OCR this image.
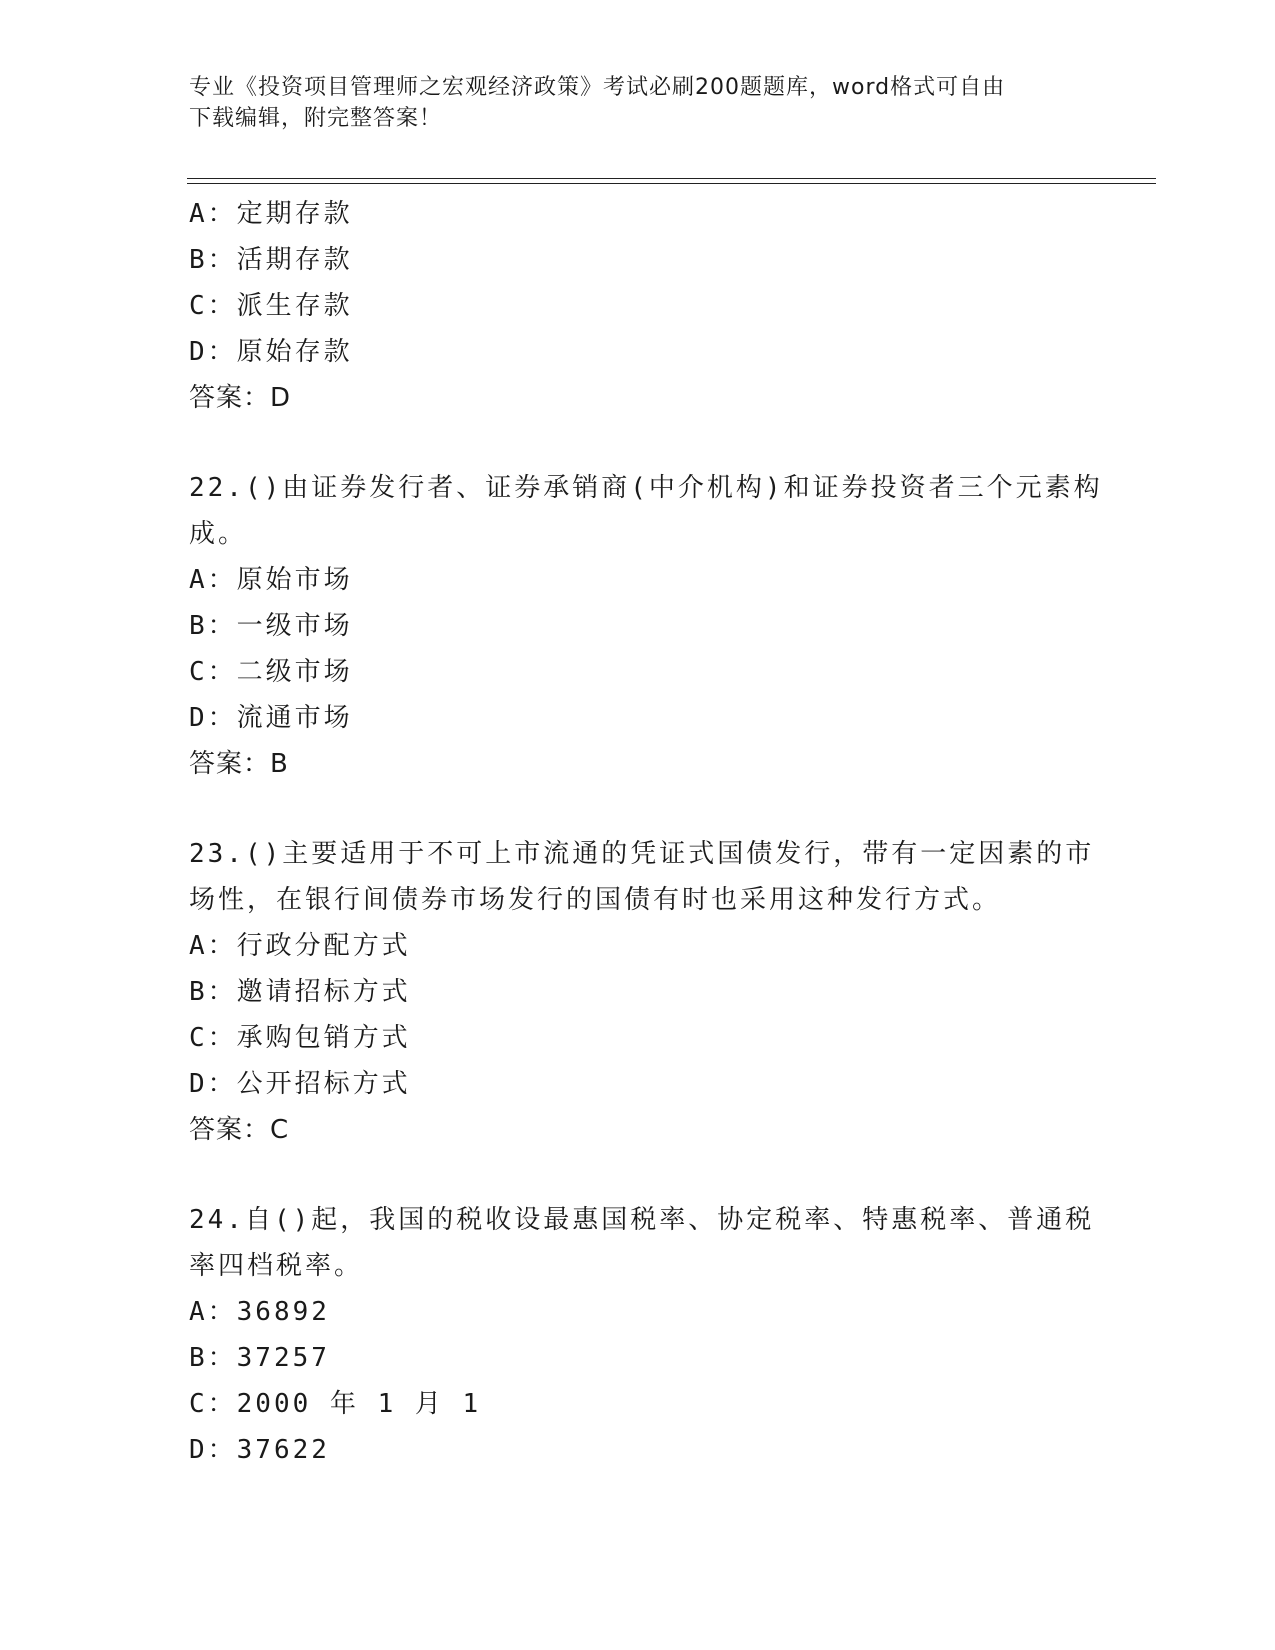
专业《投资项目管理师之宏观经济政策》考试必刷200题题库，word格式可自由
下载编辑，附完整答案！
A：定期存款
B：活期存款
C：派生存款
D：原始存款
答案：D
22.()由证券发行者、证券承销商(中介机构)和证券投资者三个元素构
成。
A：原始市场
B：一级市场
C：二级市场
D：流通市场
答案：B
23.()主要适用于不可上市流通的凭证式国债发行，带有一定因素的市
场性，在银行间债券市场发行的国债有时也采用这种发行方式。
A：行政分配方式
B：邀请招标方式
C：承购包销方式
D：公开招标方式
答案：C
24.自()起，我国的税收设最惠国税率、协定税率、特惠税率、普通税
率四档税率。
A：36892
B：37257
C：2000 年 1 月 1
D：37622
